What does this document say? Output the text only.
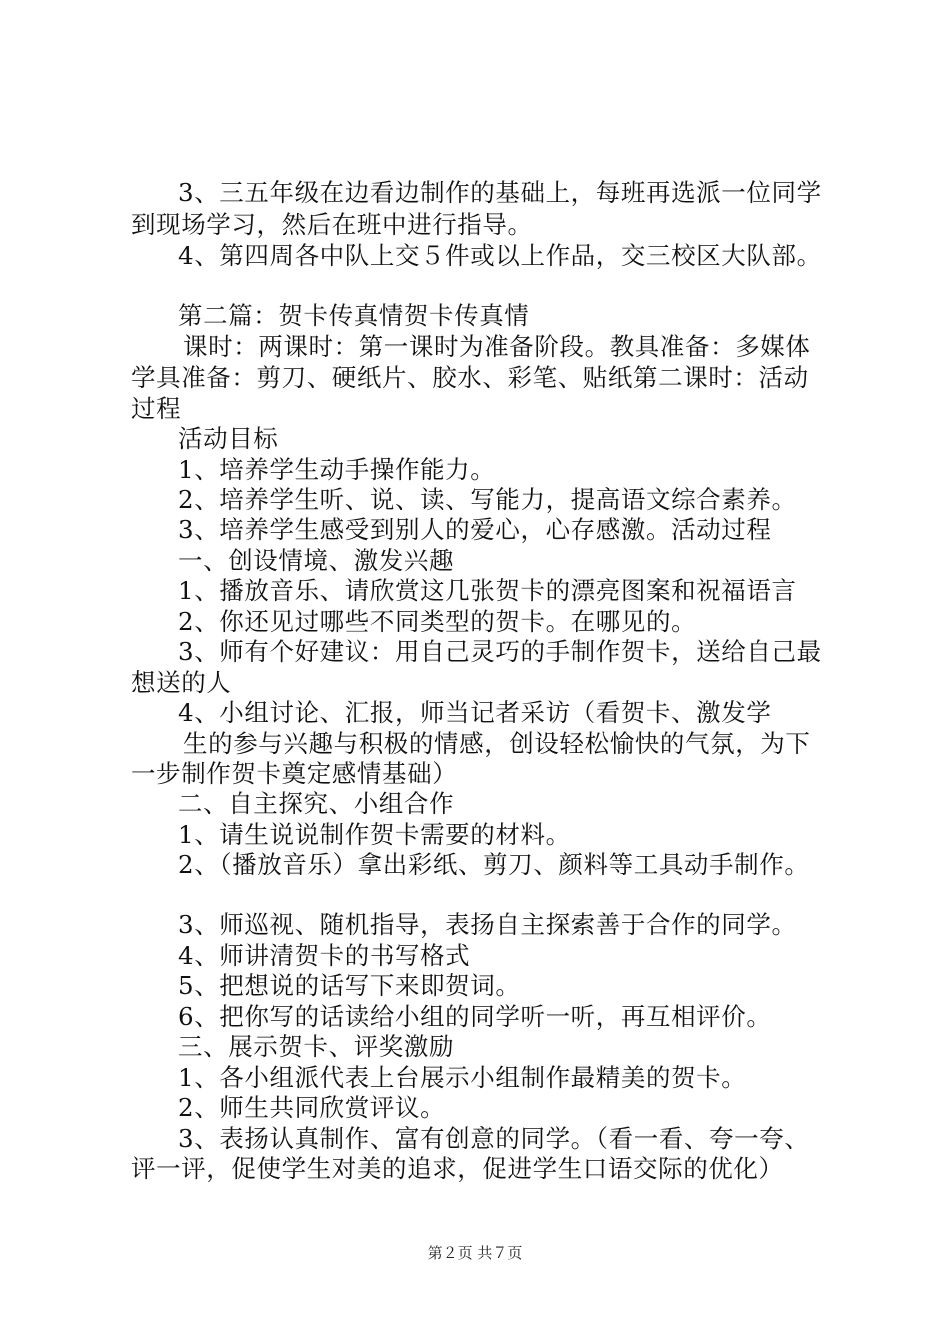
3、三五年级在边看边制作的基础上，每班再选派一位同学
到现场学习，然后在班中进行指导。
4、第四周各中队上交５件或以上作品，交三校区大队部。
第二篇：贺卡传真情贺卡传真情
课时：两课时：第一课时为准备阶段。教具准备：多媒体
学具准备：剪刀、硬纸片、胶水、彩笔、贴纸第二课时：活动
过程
活动目标
1、培养学生动手操作能力。
2、培养学生听、说、读、写能力，提高语文综合素养。
3、培养学生感受到别人的爱心，心存感激。活动过程
一、创设情境、激发兴趣
1、播放音乐、请欣赏这几张贺卡的漂亮图案和祝福语言
2、你还见过哪些不同类型的贺卡。在哪见的。
3、师有个好建议：用自己灵巧的手制作贺卡，送给自己最
想送的人
4、小组讨论、汇报，师当记者采访（看贺卡、激发学
生的参与兴趣与积极的情感，创设轻松愉快的气氛，为下
一步制作贺卡奠定感情基础）
二、自主探究、小组合作
1、请生说说制作贺卡需要的材料。
2、（播放音乐）拿出彩纸、剪刀、颜料等工具动手制作。
3、师巡视、随机指导，表扬自主探索善于合作的同学。
4、师讲清贺卡的书写格式
5、把想说的话写下来即贺词。
6、把你写的话读给小组的同学听一听，再互相评价。
三、展示贺卡、评奖激励
1、各小组派代表上台展示小组制作最精美的贺卡。
2、师生共同欣赏评议。
3、表扬认真制作、富有创意的同学。（看一看、夸一夸、
评一评，促使学生对美的追求，促进学生口语交际的优化）
第２页 共７页
